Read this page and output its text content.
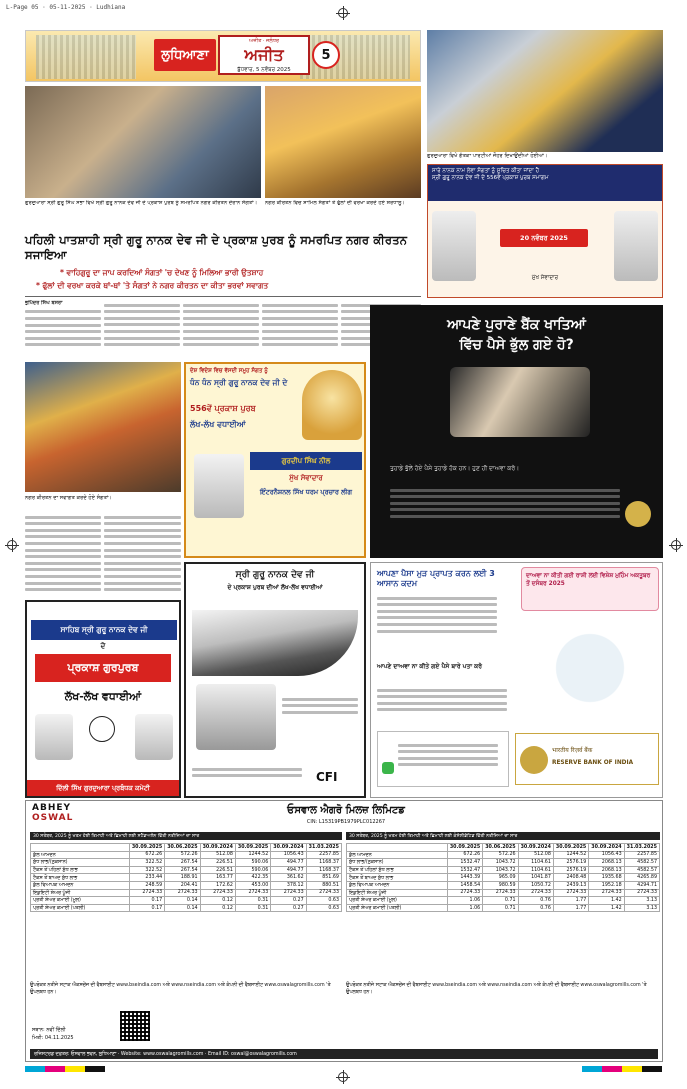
L-Page 05 · 05-11-2025 · Ludhiana
ਲੁਧਿਆਣਾ
ਅਜੀਤ · ਜਲੰਧਰ
ਅਜੀਤ
ਬੁੱਧਵਾਰ, 5 ਨਵੰਬਰ 2025
5
ਗੁਰਦੁਆਰਾ ਸ੍ਰੀ ਗੁਰੂ ਸਿੰਘ ਸਭਾ ਵਿਖੇ ਸ੍ਰੀ ਗੁਰੂ ਨਾਨਕ ਦੇਵ ਜੀ ਦੇ ਪ੍ਰਕਾਸ਼ ਪੁਰਬ ਨੂੰ ਸਮਰਪਿਤ ਨਗਰ ਕੀਰਤਨ ਦੌਰਾਨ ਸੰਗਤਾਂ।	ਨਗਰ ਕੀਰਤਨ ਵਿਚ ਸ਼ਾਮਿਲ ਸੰਗਤਾਂ ਤੇ ਫੁੱਲਾਂ ਦੀ ਵਰਖਾ ਕਰਦੇ ਹੋਏ ਸ਼ਰਧਾਲੂ।
ਪਹਿਲੀ ਪਾਤਸ਼ਾਹੀ ਸ੍ਰੀ ਗੁਰੂ ਨਾਨਕ ਦੇਵ ਜੀ ਦੇ ਪ੍ਰਕਾਸ਼ ਪੁਰਬ ਨੂੰ ਸਮਰਪਿਤ ਨਗਰ ਕੀਰਤਨ ਸਜਾਇਆ
* ਵਾਹਿਗੁਰੂ ਦਾ ਜਾਪ ਕਰਦਿਆਂ ਸੰਗਤਾਂ 'ਚ ਦੇਖਣ ਨੂੰ ਮਿਲਿਆ ਭਾਰੀ ਉਤਸ਼ਾਹ
* ਫੁੱਲਾਂ ਦੀ ਵਰਖਾ ਕਰਕੇ ਥਾਂ-ਥਾਂ 'ਤੇ ਸੰਗਤਾਂ ਨੇ ਨਗਰ ਕੀਰਤਨ ਦਾ ਕੀਤਾ ਭਰਵਾਂ ਸਵਾਗਤ
ਭੁਪਿੰਦਰ ਸਿੰਘ ਬਸਰਾ
ਨਗਰ ਕੀਰਤਨ ਦਾ ਸਵਾਗਤ ਕਰਦੇ ਹੋਏ ਸੰਗਤਾਂ।
ਗੁਰਦੁਆਰਾ ਵਿਖੇ ਗੱਤਕਾ ਪਾਰਟੀਆਂ ਜੌਹਰ ਦਿਖਾਉਂਦੀਆਂ ਹੋਈਆਂ।
ਸਾਰੇ ਨਾਨਕ ਨਾਮ ਲੇਵਾ ਸੰਗਤਾਂ ਨੂੰ ਸੂਚਿਤ ਕੀਤਾ ਜਾਂਦਾ ਹੈ
ਸ੍ਰੀ ਗੁਰੂ ਨਾਨਕ ਦੇਵ ਜੀ ਦੇ 556ਵੇਂ ਪ੍ਰਕਾਸ਼ ਪੁਰਬ ਸਮਾਗਮ
20 ਨਵੰਬਰ 2025
ਮੁੱਖ ਸੇਵਾਦਾਰ
ਆਪਣੇ ਪੁਰਾਣੇ ਬੈਂਕ ਖਾਤਿਆਂ
ਵਿੱਚ ਪੈਸੇ ਭੁੱਲ ਗਏ ਹੋ?
ਤੁਹਾਡੇ ਭੁੱਲੇ ਹੋਏ ਪੈਸੇ ਤੁਹਾਡੇ ਹੱਕ ਹਨ। ਹੁਣ ਹੀ ਦਾਅਵਾ ਕਰੋ।
ਆਪਣਾ ਪੈਸਾ ਮੁੜ ਪ੍ਰਾਪਤ ਕਰਨ ਲਈ 3 ਆਸਾਨ ਕਦਮ
ਦਾਅਵਾ ਨਾ ਕੀਤੀ ਗਈ ਰਾਸ਼ੀ ਲਈ ਵਿਸ਼ੇਸ਼ ਮੁਹਿੰਮ ਅਕਤੂਬਰ ਤੋਂ ਦਸੰਬਰ 2025
ਆਪਣੇ ਦਾਅਵਾ ਨਾ ਕੀਤੇ ਗਏ ਪੈਸੇ ਬਾਰੇ ਪਤਾ ਕਰੋ
भारतीय रिज़र्व बैंक
RESERVE BANK OF INDIA
ਦੇਸ਼ ਵਿਦੇਸ਼ ਵਿਚ ਵੱਸਦੀ ਸਮੂਹ ਸੰਗਤ ਨੂੰ
ਧੰਨ ਧੰਨ ਸ੍ਰੀ ਗੁਰੂ ਨਾਨਕ ਦੇਵ ਜੀ ਦੇ
556ਵੇਂ ਪ੍ਰਕਾਸ਼ ਪੁਰਬ
ਲੱਖ-ਲੱਖ ਵਧਾਈਆਂ
ਗੁਰਦੀਪ ਸਿੰਘ ਨੀਲ
ਮੁੱਖ ਸੇਵਾਦਾਰ
ਇੰਟਰਨੈਸ਼ਨਲ ਸਿੱਖ ਧਰਮ ਪ੍ਰਚਾਰ ਲੀਗ
ਸਾਹਿਬ ਸ੍ਰੀ ਗੁਰੂ ਨਾਨਕ ਦੇਵ ਜੀ
ਦੇ
ਪ੍ਰਕਾਸ਼ ਗੁਰਪੁਰਬ
ਲੱਖ-ਲੱਖ ਵਧਾਈਆਂ
ਦਿੱਲੀ ਸਿੱਖ ਗੁਰਦੁਆਰਾ ਪ੍ਰਬੰਧਕ ਕਮੇਟੀ
ਸ੍ਰੀ ਗੁਰੂ ਨਾਨਕ ਦੇਵ ਜੀ
ਦੇ ਪ੍ਰਕਾਸ਼ ਪੁਰਬ ਦੀਆਂ ਲੱਖ-ਲੱਖ ਵਧਾਈਆਂ
CFI
ABHEY
OSWAL
ਓਸਵਾਲ ਐਗਰੋ ਮਿਲਜ਼ ਲਿਮਿਟਡ
CIN: L15319PB1979PLC012267
30 ਸਤੰਬਰ, 2025 ਨੂੰ ਖਤਮ ਹੋਈ ਤਿਮਾਹੀ ਅਤੇ ਛਿਮਾਹੀ ਲਈ ਸਟੈਂਡਅਲੋਨ ਵਿੱਤੀ ਨਤੀਜਿਆਂ ਦਾ ਸਾਰ	30 ਸਤੰਬਰ, 2025 ਨੂੰ ਖਤਮ ਹੋਈ ਤਿਮਾਹੀ ਅਤੇ ਛਿਮਾਹੀ ਲਈ ਕੰਸੋਲੀਡੇਟਿਡ ਵਿੱਤੀ ਨਤੀਜਿਆਂ ਦਾ ਸਾਰ
	30.09.2025	30.06.2025	30.09.2024	30.09.2025	30.09.2024	31.03.2025
ਕੁੱਲ ਆਮਦਨ	672.26	572.26	512.08	1244.52	1056.43	2257.85
ਸ਼ੁੱਧ ਲਾਭ/(ਨੁਕਸਾਨ)	322.52	267.54	226.51	590.06	494.77	1168.37
ਟੈਕਸ ਤੋਂ ਪਹਿਲਾਂ ਸ਼ੁੱਧ ਲਾਭ	322.52	267.54	226.51	590.06	494.77	1168.37
ਟੈਕਸ ਤੋਂ ਬਾਅਦ ਸ਼ੁੱਧ ਲਾਭ	233.44	188.91	163.77	422.35	361.62	851.69
ਕੁੱਲ ਵਿਆਪਕ ਆਮਦਨ	248.59	204.41	172.62	453.00	378.12	880.51
ਇਕੁਇਟੀ ਸ਼ੇਅਰ ਪੂੰਜੀ	2724.33	2724.33	2724.33	2724.33	2724.33	2724.33
ਪ੍ਰਤੀ ਸ਼ੇਅਰ ਕਮਾਈ (ਮੂਲ)	0.17	0.14	0.12	0.31	0.27	0.63
ਪ੍ਰਤੀ ਸ਼ੇਅਰ ਕਮਾਈ (ਪਤਲੀ)	0.17	0.14	0.12	0.31	0.27	0.63
	30.09.2025	30.06.2025	30.09.2024	30.09.2025	30.09.2024	31.03.2025
ਕੁੱਲ ਆਮਦਨ	672.26	572.26	512.08	1244.52	1056.43	2257.85
ਸ਼ੁੱਧ ਲਾਭ/(ਨੁਕਸਾਨ)	1532.47	1043.72	1104.61	2576.19	2068.13	4582.57
ਟੈਕਸ ਤੋਂ ਪਹਿਲਾਂ ਸ਼ੁੱਧ ਲਾਭ	1532.47	1043.72	1104.61	2576.19	2068.13	4582.57
ਟੈਕਸ ਤੋਂ ਬਾਅਦ ਸ਼ੁੱਧ ਲਾਭ	1443.39	965.09	1041.87	2408.48	1935.68	4265.89
ਕੁੱਲ ਵਿਆਪਕ ਆਮਦਨ	1458.54	980.59	1050.72	2439.13	1952.18	4294.71
ਇਕੁਇਟੀ ਸ਼ੇਅਰ ਪੂੰਜੀ	2724.33	2724.33	2724.33	2724.33	2724.33	2724.33
ਪ੍ਰਤੀ ਸ਼ੇਅਰ ਕਮਾਈ (ਮੂਲ)	1.06	0.71	0.76	1.77	1.42	3.13
ਪ੍ਰਤੀ ਸ਼ੇਅਰ ਕਮਾਈ (ਪਤਲੀ)	1.06	0.71	0.76	1.77	1.42	3.13
ਉਪਰੋਕਤ ਨਤੀਜੇ ਸਟਾਕ ਐਕਸਚੇਂਜ ਦੀ ਵੈਬਸਾਈਟ www.bseindia.com ਅਤੇ www.nseindia.com ਅਤੇ ਕੰਪਨੀ ਦੀ ਵੈਬਸਾਈਟ www.oswalagromills.com 'ਤੇ ਉਪਲਬਧ ਹਨ।
ਉਪਰੋਕਤ ਨਤੀਜੇ ਸਟਾਕ ਐਕਸਚੇਂਜ ਦੀ ਵੈਬਸਾਈਟ www.bseindia.com ਅਤੇ www.nseindia.com ਅਤੇ ਕੰਪਨੀ ਦੀ ਵੈਬਸਾਈਟ www.oswalagromills.com 'ਤੇ ਉਪਲਬਧ ਹਨ।
ਸਥਾਨ: ਨਵੀਂ ਦਿੱਲੀ
ਮਿਤੀ: 04.11.2025
ਰਜਿਸਟਰਡ ਦਫ਼ਤਰ: ਓਸਵਾਲ ਭਵਨ, ਲੁਧਿਆਣਾ · Website: www.oswalagromills.com · Email ID: oswal@oswalagromills.com
